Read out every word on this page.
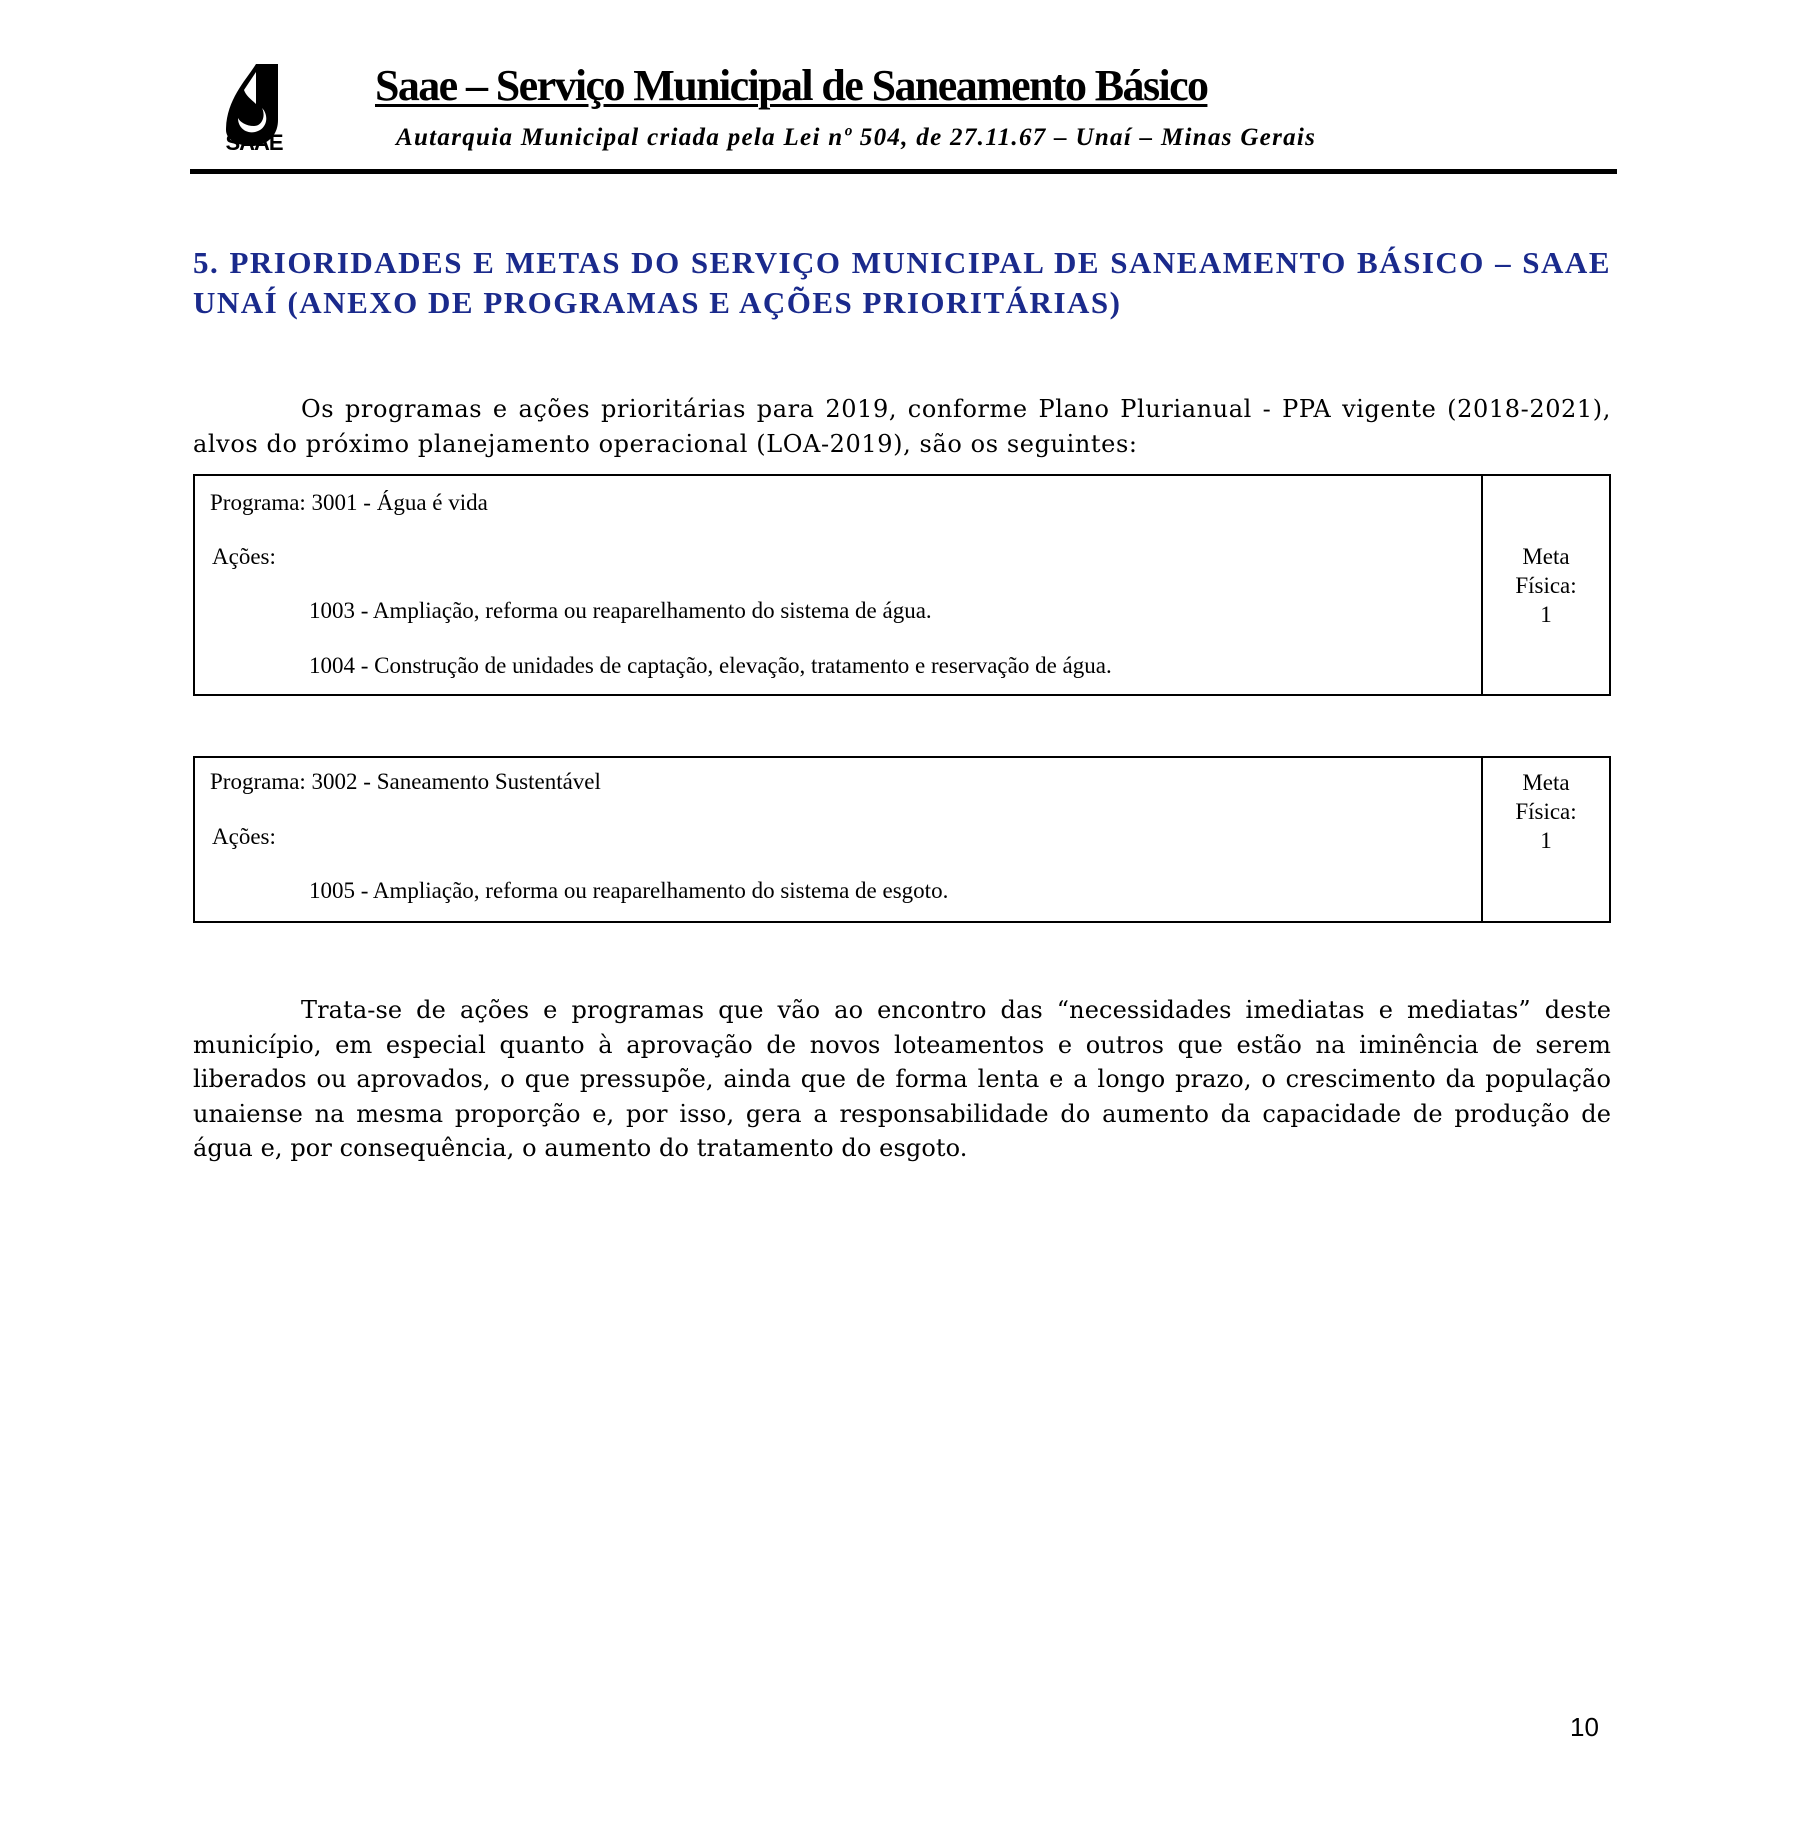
SAAE
Saae – Serviço Municipal de Saneamento Básico
Autarquia Municipal criada pela Lei nº 504, de 27.11.67 – Unaí – Minas Gerais
5. PRIORIDADES E METAS DO SERVIÇO MUNICIPAL DE SANEAMENTO BÁSICO – SAAE UNAÍ (ANEXO DE PROGRAMAS E AÇÕES PRIORITÁRIAS)

Os programas e ações prioritárias para 2019, conforme Plano Plurianual - PPA vigente (2018-2021), alvos do próximo planejamento operacional (LOA-2019), são os seguintes:

Programa: 3001 - Água é vida
Ações:
1003 - Ampliação, reforma ou reaparelhamento do sistema de água.
1004 - Construção de unidades de captação, elevação, tratamento e reservação de água.
Meta
Física:
1
Programa: 3002 - Saneamento Sustentável
Ações:
1005 - Ampliação, reforma ou reaparelhamento do sistema de esgoto.
Meta
Física:
1

Trata-se de ações e programas que vão ao encontro das “necessidades imediatas e mediatas” deste município, em especial quanto à aprovação de novos loteamentos e outros que estão na iminência de serem liberados ou aprovados, o que pressupõe, ainda que de forma lenta e a longo prazo, o crescimento da população unaiense na mesma proporção e, por isso, gera a responsabilidade do aumento da capacidade de produção de água e, por consequência, o aumento do tratamento do esgoto.

10
